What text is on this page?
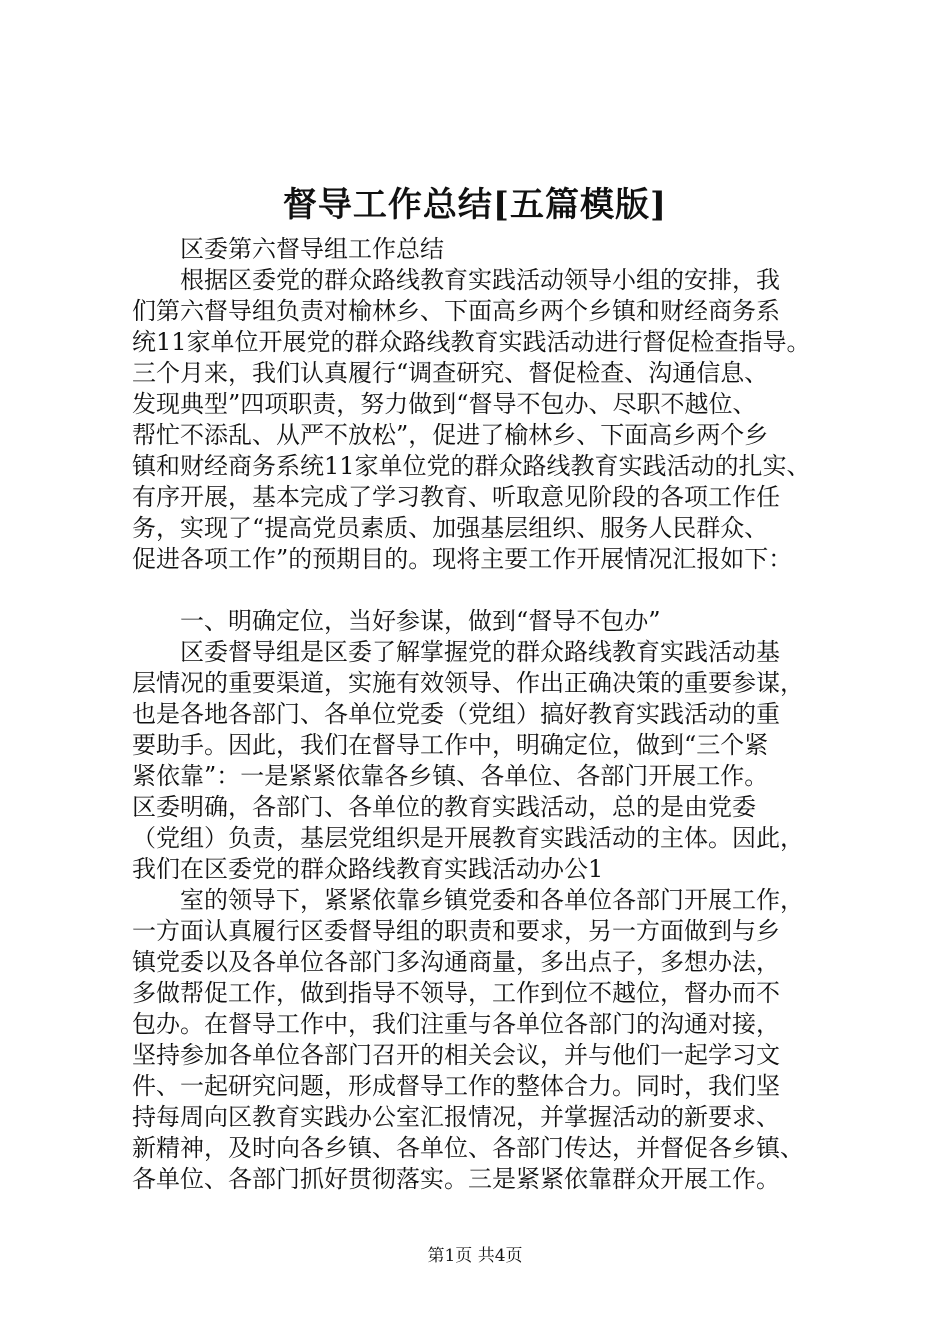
督导工作总结[五篇模版]
区委第六督导组工作总结
根据区委党的群众路线教育实践活动领导小组的安排，我
们第六督导组负责对榆林乡、下面高乡两个乡镇和财经商务系
统11家单位开展党的群众路线教育实践活动进行督促检查指导。
三个月来，我们认真履行“调查研究、督促检查、沟通信息、
发现典型”四项职责，努力做到“督导不包办、尽职不越位、
帮忙不添乱、从严不放松”，促进了榆林乡、下面高乡两个乡
镇和财经商务系统11家单位党的群众路线教育实践活动的扎实、
有序开展，基本完成了学习教育、听取意见阶段的各项工作任
务，实现了“提高党员素质、加强基层组织、服务人民群众、
促进各项工作”的预期目的。现将主要工作开展情况汇报如下：
一、明确定位，当好参谋，做到“督导不包办”
区委督导组是区委了解掌握党的群众路线教育实践活动基
层情况的重要渠道，实施有效领导、作出正确决策的重要参谋，
也是各地各部门、各单位党委（党组）搞好教育实践活动的重
要助手。因此，我们在督导工作中，明确定位，做到“三个紧
紧依靠”：一是紧紧依靠各乡镇、各单位、各部门开展工作。
区委明确，各部门、各单位的教育实践活动，总的是由党委
（党组）负责，基层党组织是开展教育实践活动的主体。因此，
我们在区委党的群众路线教育实践活动办公1
室的领导下，紧紧依靠乡镇党委和各单位各部门开展工作，
一方面认真履行区委督导组的职责和要求，另一方面做到与乡
镇党委以及各单位各部门多沟通商量，多出点子，多想办法，
多做帮促工作，做到指导不领导，工作到位不越位，督办而不
包办。在督导工作中，我们注重与各单位各部门的沟通对接，
坚持参加各单位各部门召开的相关会议，并与他们一起学习文
件、一起研究问题，形成督导工作的整体合力。同时，我们坚
持每周向区教育实践办公室汇报情况，并掌握活动的新要求、
新精神，及时向各乡镇、各单位、各部门传达，并督促各乡镇、
各单位、各部门抓好贯彻落实。三是紧紧依靠群众开展工作。
第1页 共4页
